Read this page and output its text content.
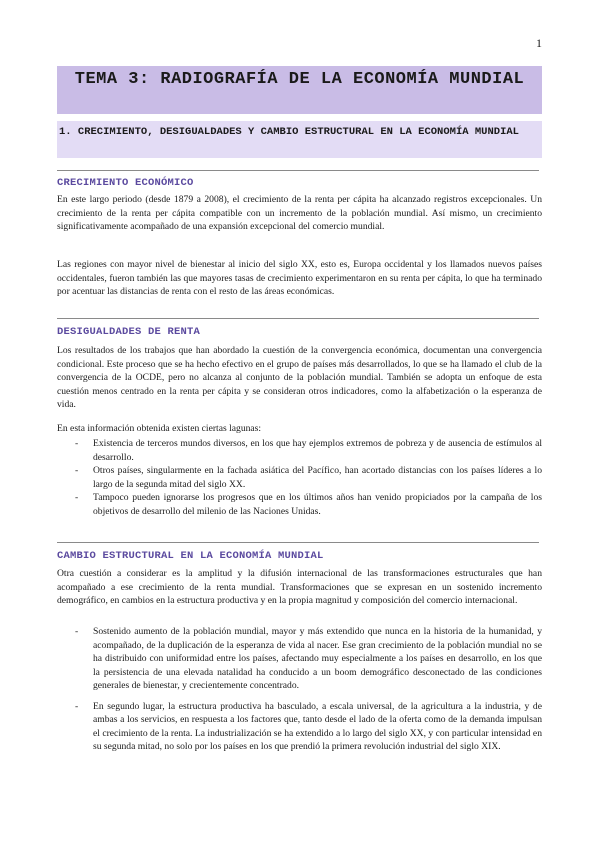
1
TEMA 3: RADIOGRAFÍA DE LA ECONOMÍA MUNDIAL
1. CRECIMIENTO, DESIGUALDADES Y CAMBIO ESTRUCTURAL EN LA ECONOMÍA MUNDIAL
CRECIMIENTO ECONÓMICO

En este largo periodo (desde 1879 a 2008), el crecimiento de la renta per cápita ha alcanzado registros excepcionales. Un crecimiento de la renta per cápita compatible con un incremento de la población mundial. Así mismo, un crecimiento significativamente acompañado de una expansión excepcional del comercio mundial.

Las regiones con mayor nivel de bienestar al inicio del siglo XX, esto es, Europa occidental y los llamados nuevos países occidentales, fueron también las que mayores tasas de crecimiento experimentaron en su renta per cápita, lo que ha terminado por acentuar las distancias de renta con el resto de las áreas económicas.

DESIGUALDADES DE RENTA

Los resultados de los trabajos que han abordado la cuestión de la convergencia económica, documentan una convergencia condicional. Este proceso que se ha hecho efectivo en el grupo de países más desarrollados, lo que se ha llamado el club de la convergencia de la OCDE, pero no alcanza al conjunto de la población mundial. También se adopta un enfoque de esta cuestión menos centrado en la renta per cápita y se consideran otros indicadores, como la alfabetización o la esperanza de vida.

En esta información obtenida existen ciertas lagunas:

- Existencia de terceros mundos diversos, en los que hay ejemplos extremos de pobreza y de ausencia de estímulos al desarrollo.
- Otros países, singularmente en la fachada asiática del Pacífico, han acortado distancias con los países líderes a lo largo de la segunda mitad del siglo XX.
- Tampoco pueden ignorarse los progresos que en los últimos años han venido propiciados por la campaña de los objetivos de desarrollo del milenio de las Naciones Unidas.
CAMBIO ESTRUCTURAL EN LA ECONOMÍA MUNDIAL

Otra cuestión a considerar es la amplitud y la difusión internacional de las transformaciones estructurales que han acompañado a ese crecimiento de la renta mundial. Transformaciones que se expresan en un sostenido incremento demográfico, en cambios en la estructura productiva y en la propia magnitud y composición del comercio internacional.

- Sostenido aumento de la población mundial, mayor y más extendido que nunca en la historia de la humanidad, y acompañado, de la duplicación de la esperanza de vida al nacer. Ese gran crecimiento de la población mundial no se ha distribuido con uniformidad entre los países, afectando muy especialmente a los países en desarrollo, en los que la persistencia de una elevada natalidad ha conducido a un boom demográfico desconectado de las condiciones generales de bienestar, y crecientemente concentrado.
- En segundo lugar, la estructura productiva ha basculado, a escala universal, de la agricultura a la industria, y de ambas a los servicios, en respuesta a los factores que, tanto desde el lado de la oferta como de la demanda impulsan el crecimiento de la renta. La industrialización se ha extendido a lo largo del siglo XX, y con particular intensidad en su segunda mitad, no solo por los países en los que prendió la primera revolución industrial del siglo XIX.
